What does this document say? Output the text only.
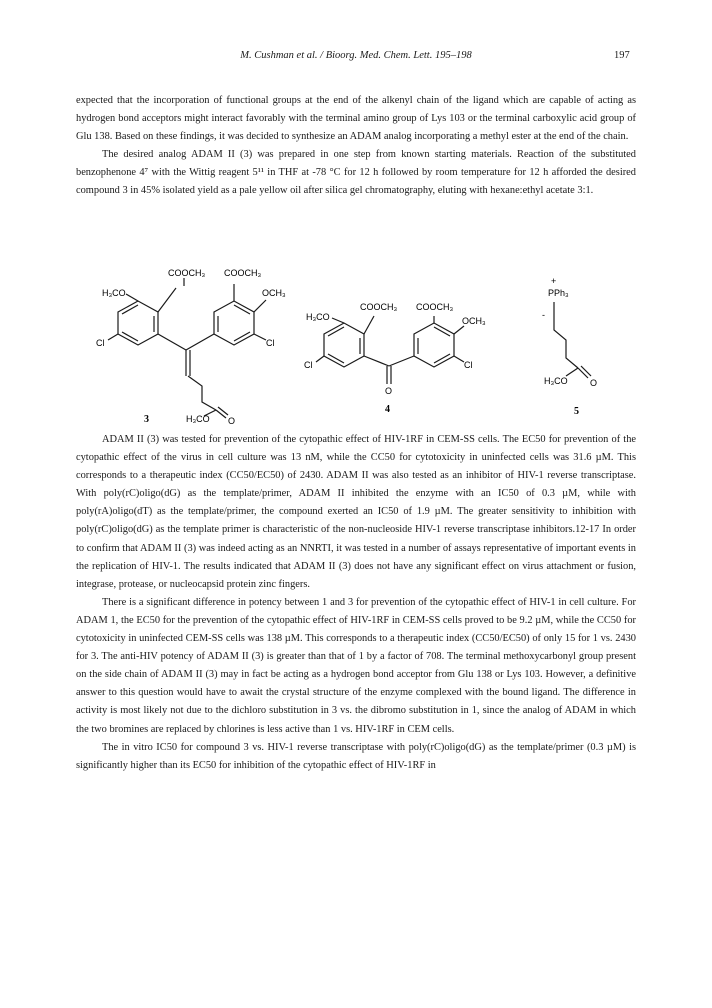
M. Cushman et al. / Bioorg. Med. Chem. Lett. 195–198	197

expected that the incorporation of functional groups at the end of the alkenyl chain of the ligand which are capable of acting as hydrogen bond acceptors might interact favorably with the terminal amino group of Lys 103 or the terminal carboxylic acid group of Glu 138. Based on these findings, it was decided to synthesize an ADAM analog incorporating a methyl ester at the end of the chain.

The desired analog ADAM II (3) was prepared in one step from known starting materials. Reaction of the substituted benzophenone 4⁷ with the Wittig reagent 5¹¹ in THF at -78 °C for 12 h followed by room temperature for 12 h afforded the desired compound 3 in 45% isolated yield as a pale yellow oil after silica gel chromatography, eluting with hexane:ethyl acetate 3:1.

COOCH₃ COOCH₃
H₃CO	OCH₃
Cl	Cl
H₃CO O
3
COOCH₃ COOCH₃
H₃CO	OCH₃
Cl	Cl
O
4
+
PPh₃
-
H₃CO O
5

ADAM II (3) was tested for prevention of the cytopathic effect of HIV-1RF in CEM-SS cells. The EC50 for prevention of the cytopathic effect of the virus in cell culture was 13 nM, while the CC50 for cytotoxicity in uninfected cells was 31.6 µM. This corresponds to a therapeutic index (CC50/EC50) of 2430. ADAM II was also tested as an inhibitor of HIV-1 reverse transcriptase. With poly(rC)oligo(dG) as the template/primer, ADAM II inhibited the enzyme with an IC50 of 0.3 µM, while with poly(rA)oligo(dT) as the template/primer, the compound exerted an IC50 of 1.9 µM. The greater sensitivity to inhibition with poly(rC)oligo(dG) as the template primer is characteristic of the non-nucleoside HIV-1 reverse transcriptase inhibitors.12-17 In order to confirm that ADAM II (3) was indeed acting as an NNRTI, it was tested in a number of assays representative of important events in the replication of HIV-1. The results indicated that ADAM II (3) does not have any significant effect on virus attachment or fusion, integrase, protease, or nucleocapsid protein zinc fingers.

There is a significant difference in potency between 1 and 3 for prevention of the cytopathic effect of HIV-1 in cell culture. For ADAM 1, the EC50 for the prevention of the cytopathic effect of HIV-1RF in CEM-SS cells proved to be 9.2 µM, while the CC50 for cytotoxicity in uninfected CEM-SS cells was 138 µM. This corresponds to a therapeutic index (CC50/EC50) of only 15 for 1 vs. 2430 for 3. The anti-HIV potency of ADAM II (3) is greater than that of 1 by a factor of 708. The terminal methoxycarbonyl group present on the side chain of ADAM II (3) may in fact be acting as a hydrogen bond acceptor from Glu 138 or Lys 103. However, a definitive answer to this question would have to await the crystal structure of the enzyme complexed with the bound ligand. The difference in activity is most likely not due to the dichloro substitution in 3 vs. the dibromo substitution in 1, since the analog of ADAM in which the two bromines are replaced by chlorines is less active than 1 vs. HIV-1RF in CEM cells.

The in vitro IC50 for compound 3 vs. HIV-1 reverse transcriptase with poly(rC)oligo(dG) as the template/primer (0.3 µM) is significantly higher than its EC50 for inhibition of the cytopathic effect of HIV-1RF in
